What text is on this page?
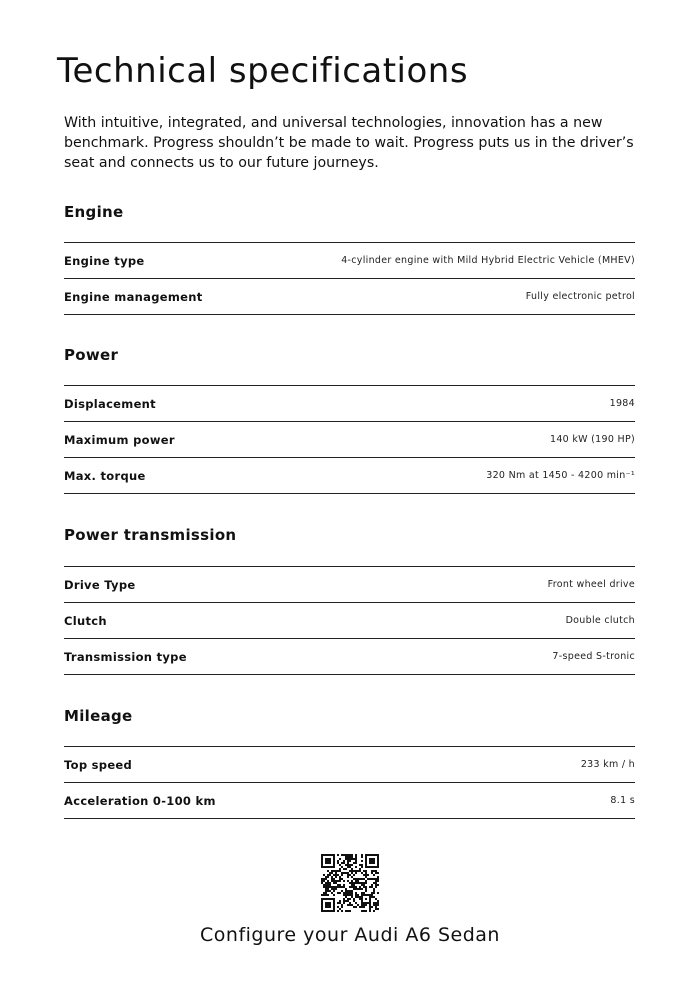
Technical specifications

With intuitive, integrated, and universal technologies, innovation has a new benchmark. Progress shouldn’t be made to wait. Progress puts us in the driver’s seat and connects us to our future journeys.

Engine
Engine type	4-cylinder engine with Mild Hybrid Electric Vehicle (MHEV)
Engine management	Fully electronic petrol
Power
Displacement	1984
Maximum power	140 kW (190 HP)
Max. torque	320 Nm at 1450 - 4200 min⁻¹
Power transmission
Drive Type	Front wheel drive
Clutch	Double clutch
Transmission type	7-speed S-tronic
Mileage
Top speed	233 km / h
Acceleration 0-100 km	8.1 s
Configure your Audi A6 Sedan
